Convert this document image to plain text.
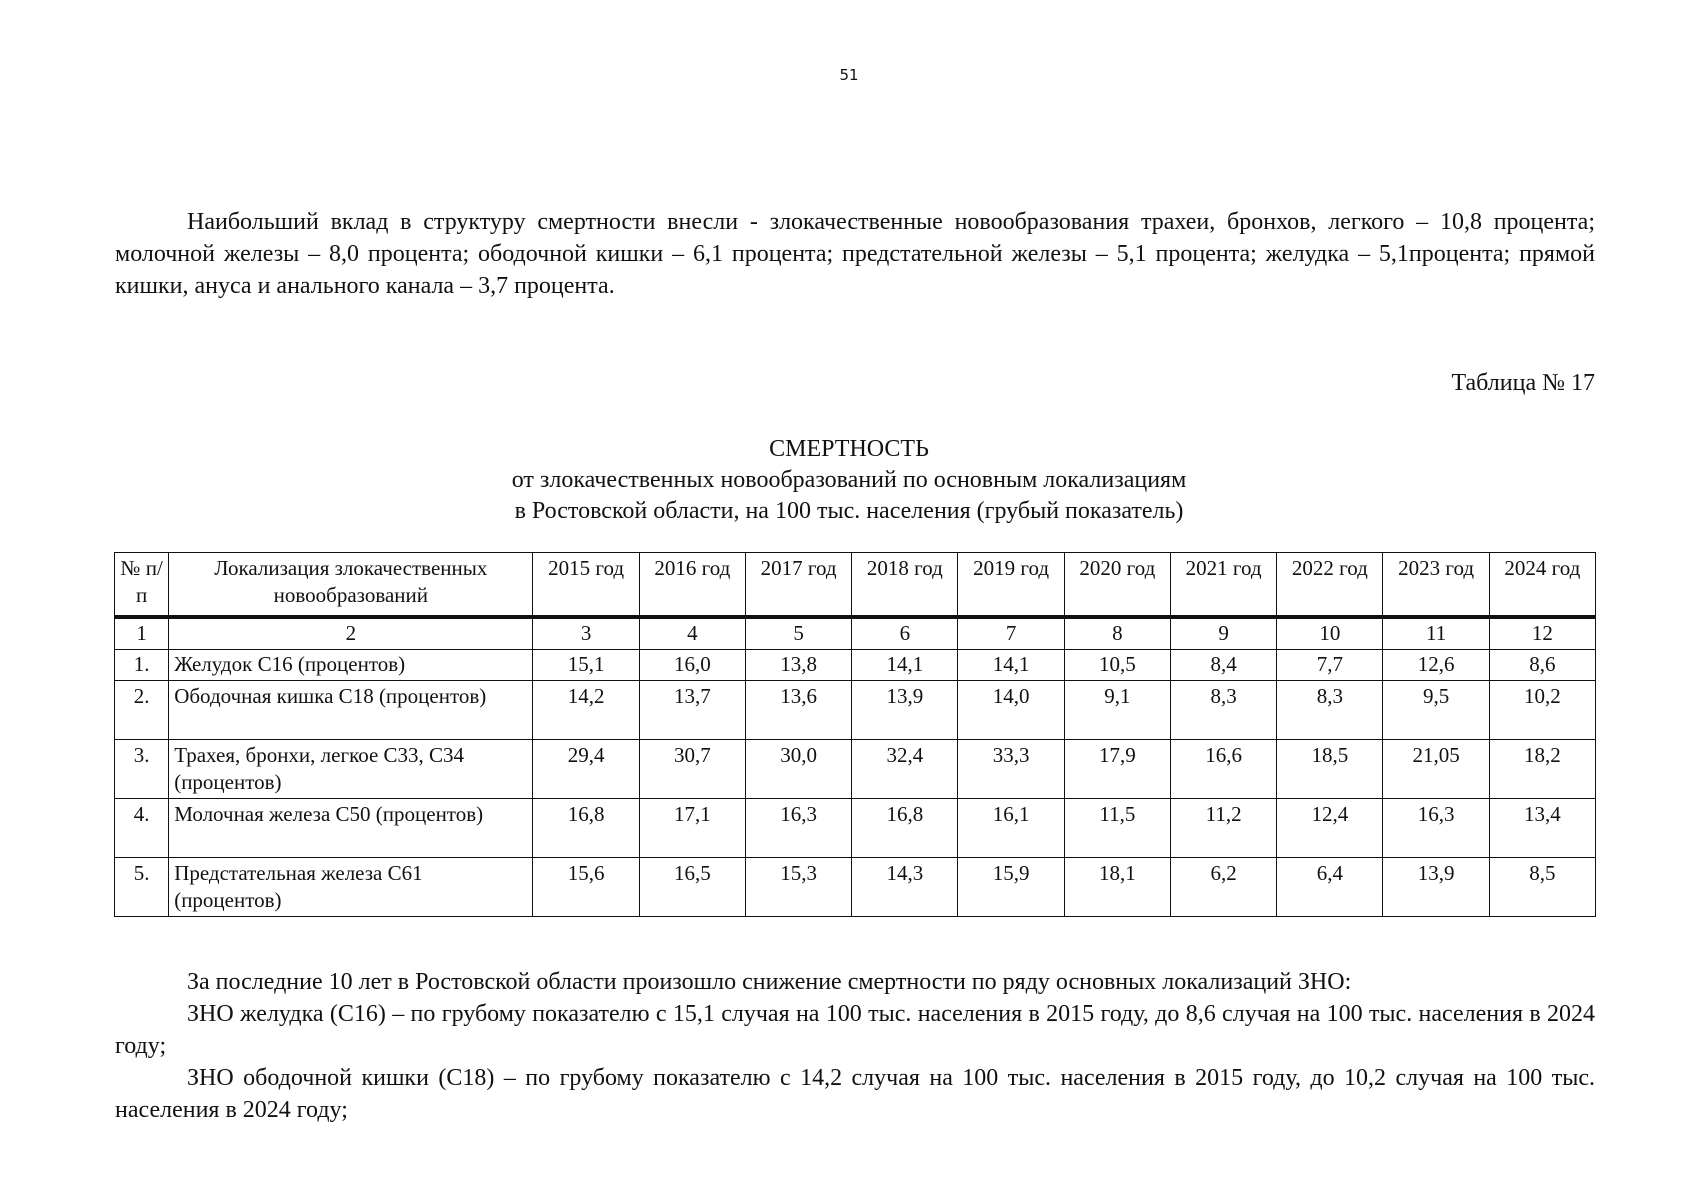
51

Наибольший вклад в структуру смертности внесли - злокачественные новообразования трахеи, бронхов, легкого – 10,8 процента; молочной железы – 8,0 процента; ободочной кишки – 6,1 процента; предстательной железы – 5,1 процента; желудка – 5,1процента; прямой кишки, ануса и анального канала – 3,7 процента.

Таблица № 17
СМЕРТНОСТЬ
от злокачественных новообразований по основным локализациям
в Ростовской области, на 100 тыс. населения (грубый показатель)
№ п/п	Локализация злокачественных новообразований	2015 год	2016 год	2017 год	2018 год	2019 год	2020 год	2021 год	2022 год	2023 год	2024 год
1	2	3	4	5	6	7	8	9	10	11	12
1.	Желудок С16 (процентов)	15,1	16,0	13,8	14,1	14,1	10,5	8,4	7,7	12,6	8,6
2.	Ободочная кишка С18 (процентов)	14,2	13,7	13,6	13,9	14,0	9,1	8,3	8,3	9,5	10,2
3.	Трахея, бронхи, легкое С33, С34 (процентов)	29,4	30,7	30,0	32,4	33,3	17,9	16,6	18,5	21,05	18,2
4.	Молочная железа С50 (процентов)	16,8	17,1	16,3	16,8	16,1	11,5	11,2	12,4	16,3	13,4
5.	Предстательная железа С61 (процентов)	15,6	16,5	15,3	14,3	15,9	18,1	6,2	6,4	13,9	8,5

За последние 10 лет в Ростовской области произошло снижение смертности по ряду основных локализаций ЗНО:

ЗНО желудка (С16) – по грубому показателю с 15,1 случая на 100 тыс. населения в 2015 году, до 8,6 случая на 100 тыс. населения в 2024 году;

ЗНО ободочной кишки (С18) – по грубому показателю с 14,2 случая на 100 тыс. населения в 2015 году, до 10,2 случая на 100 тыс. населения в 2024 году;
